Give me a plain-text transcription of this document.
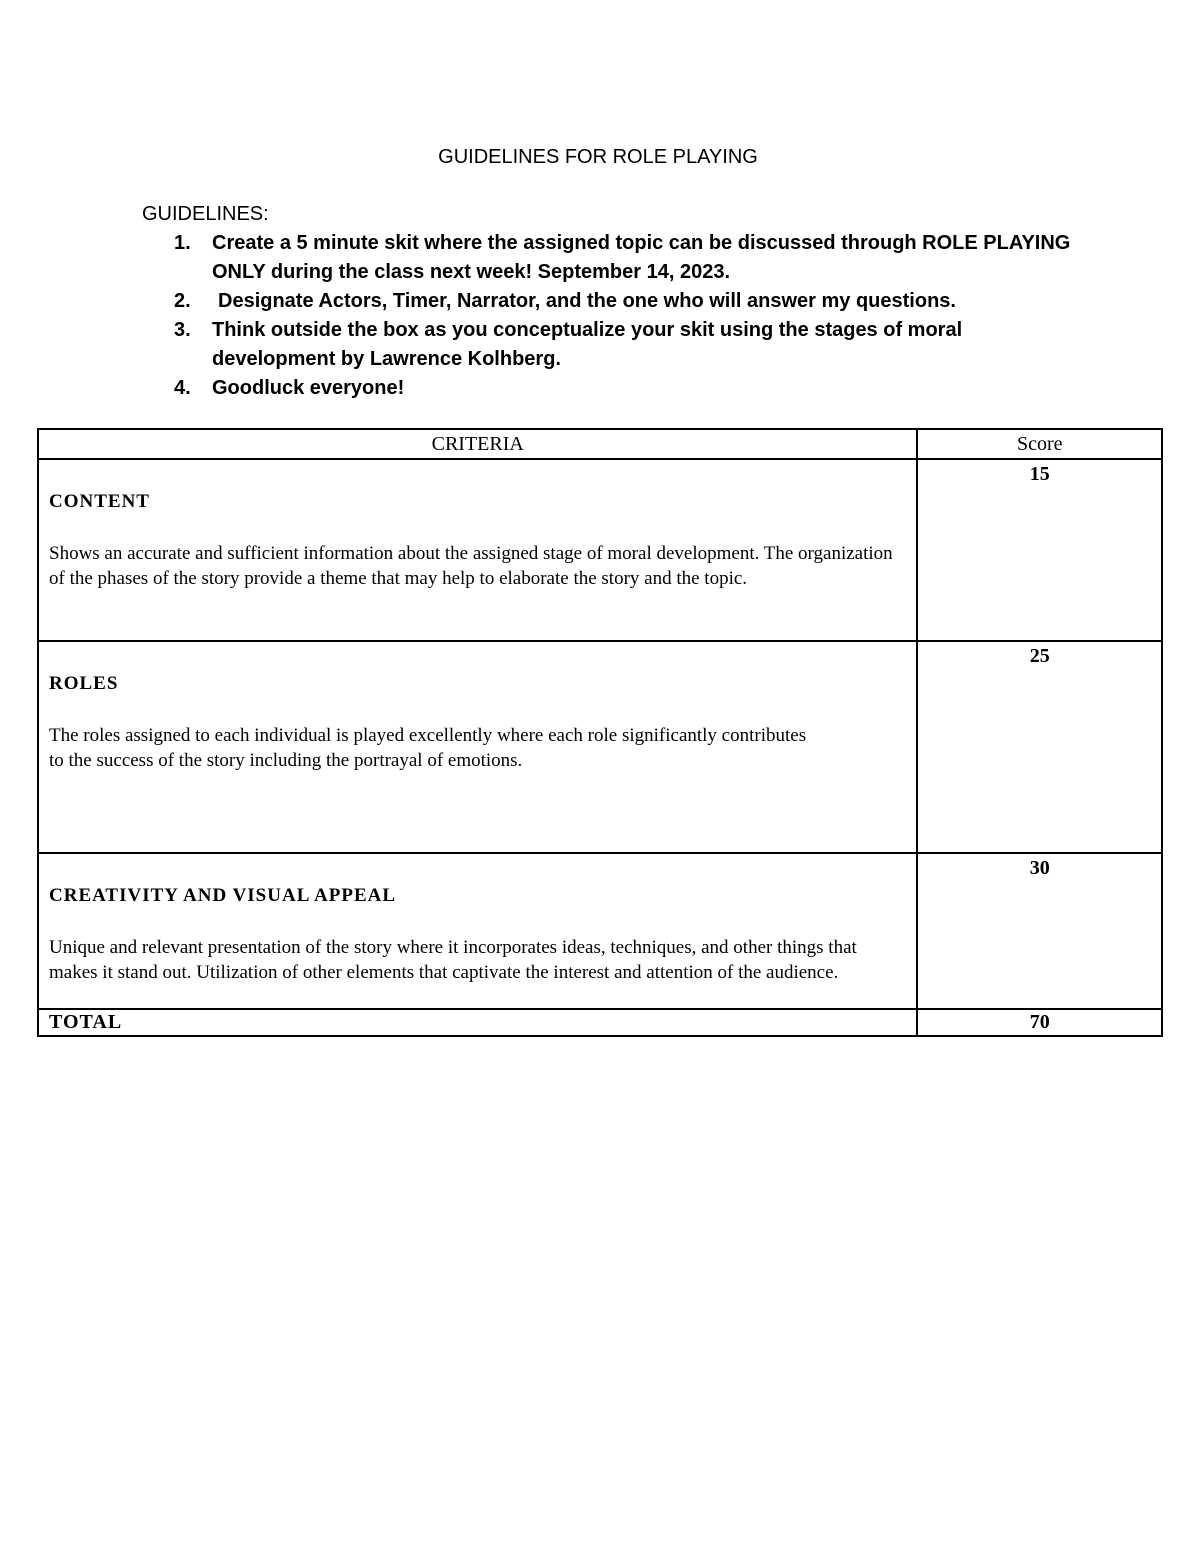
GUIDELINES FOR ROLE PLAYING

GUIDELINES:

1. Create a 5 minute skit where the assigned topic can be discussed through ROLE PLAYING ONLY during the class next week! September 14, 2023.
2. Designate Actors, Timer, Narrator, and the one who will answer my questions.
3. Think outside the box as you conceptualize your skit using the stages of moral development by Lawrence Kolhberg.
4. Goodluck everyone!
CRITERIA	Score

CONTENT

Shows an accurate and sufficient information about the assigned stage of moral development. The organization of the phases of the story provide a theme that may help to elaborate the story and the topic.	15

ROLES

The roles assigned to each individual is played excellently where each role significantly contributes to the success of the story including the portrayal of emotions.	25

CREATIVITY AND VISUAL APPEAL

Unique and relevant presentation of the story where it incorporates ideas, techniques, and other things that makes it stand out. Utilization of other elements that captivate the interest and attention of the audience.	30
TOTAL	70
